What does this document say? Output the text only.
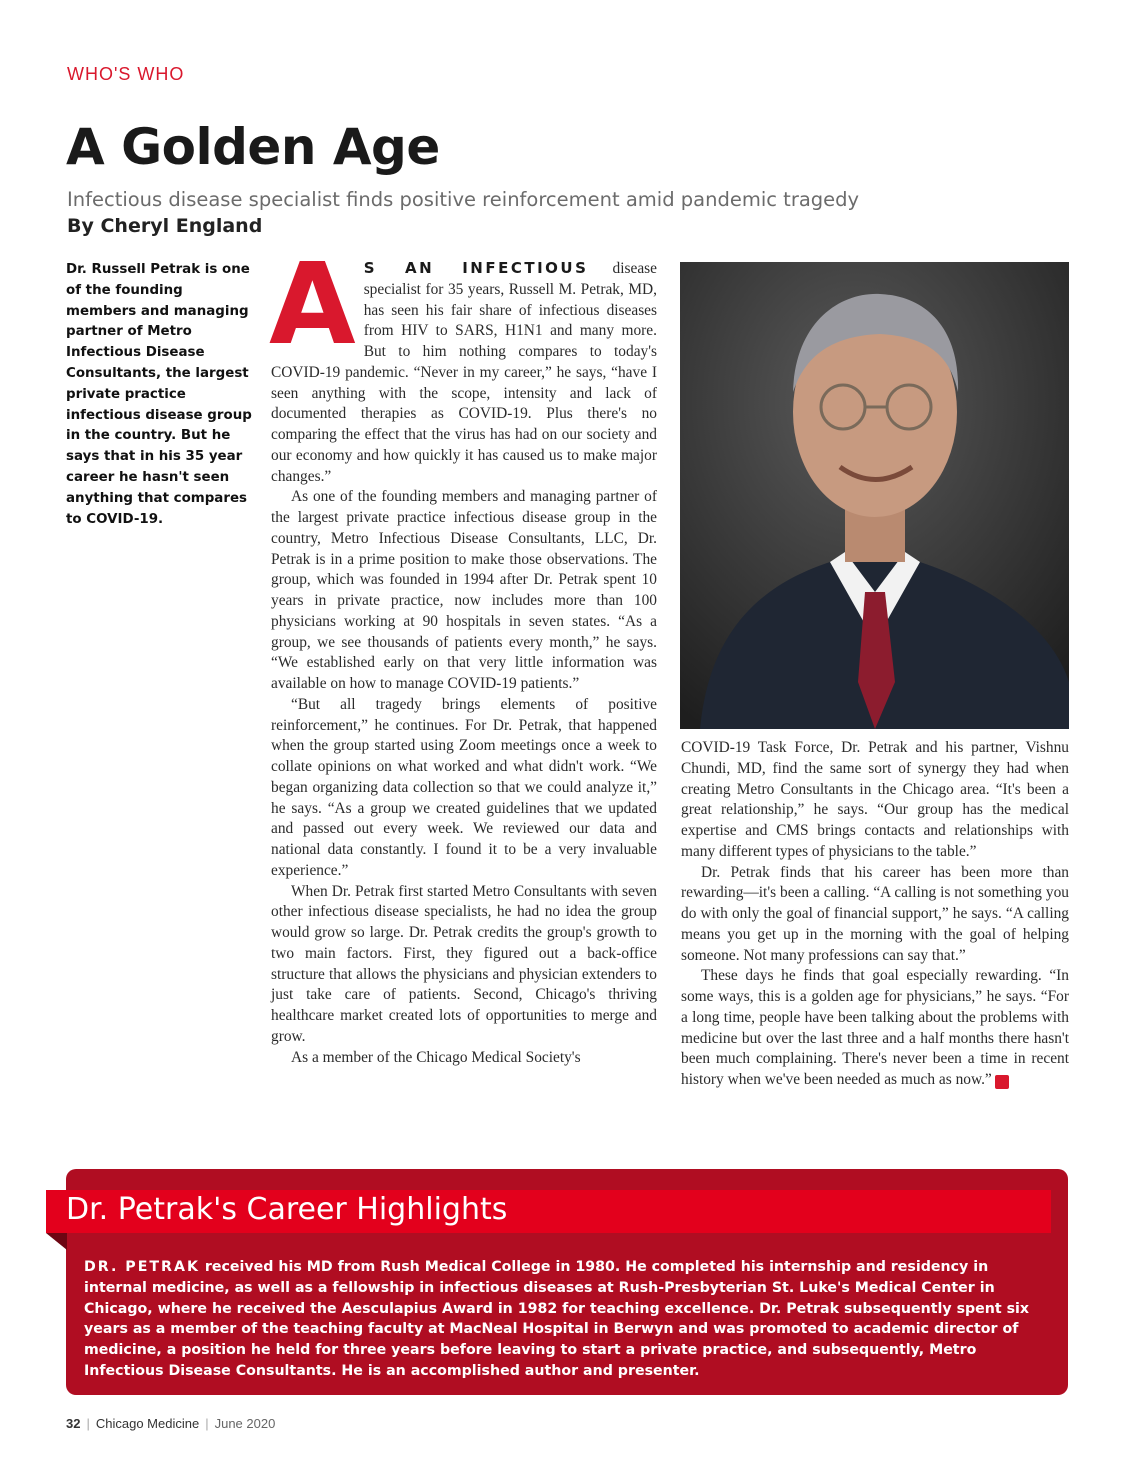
WHO'S WHO
A Golden Age
Infectious disease specialist finds positive reinforcement amid pandemic tragedy
By Cheryl England
Dr. Russell Petrak is one of the founding members and managing partner of Metro Infectious Disease Consultants, the largest private practice infectious disease group in the country. But he says that in his 35 year career he hasn't seen anything that compares to COVID-19.

A S AN INFECTIOUS disease specialist for 35 years, Russell M. Petrak, MD, has seen his fair share of infectious diseases from HIV to SARS, H1N1 and many more. But to him nothing compares to today's COVID-19 pandemic. “Never in my career,” he says, “have I seen anything with the scope, intensity and lack of documented therapies as COVID-19. Plus there's no comparing the effect that the virus has had on our society and our economy and how quickly it has caused us to make major changes.”

As one of the founding members and managing partner of the largest private practice infectious disease group in the country, Metro Infectious Disease Consultants, LLC, Dr. Petrak is in a prime position to make those observations. The group, which was founded in 1994 after Dr. Petrak spent 10 years in private practice, now includes more than 100 physicians working at 90 hospitals in seven states. “As a group, we see thousands of patients every month,” he says. “We established early on that very little information was available on how to manage COVID-19 patients.”

“But all tragedy brings elements of positive reinforcement,” he continues. For Dr. Petrak, that happened when the group started using Zoom meetings once a week to collate opinions on what worked and what didn't work. “We began organizing data collection so that we could analyze it,” he says. “As a group we created guidelines that we updated and passed out every week. We reviewed our data and national data constantly. I found it to be a very invaluable experience.”

When Dr. Petrak first started Metro Consultants with seven other infectious disease specialists, he had no idea the group would grow so large. Dr. Petrak credits the group's growth to two main factors. First, they figured out a back-office structure that allows the physicians and physician extenders to just take care of patients. Second, Chicago's thriving healthcare market created lots of opportunities to merge and grow.

As a member of the Chicago Medical Society's

COVID-19 Task Force, Dr. Petrak and his partner, Vishnu Chundi, MD, find the same sort of synergy they had when creating Metro Consultants in the Chicago area. “It's been a great relationship,” he says. “Our group has the medical expertise and CMS brings contacts and relationships with many different types of physicians to the table.”

Dr. Petrak finds that his career has been more than rewarding—it's been a calling. “A calling is not something you do with only the goal of financial support,” he says. “A calling means you get up in the morning with the goal of helping someone. Not many professions can say that.”

These days he finds that goal especially rewarding. “In some ways, this is a golden age for physicians,” he says. “For a long time, people have been talking about the problems with medicine but over the last three and a half months there hasn't been much complaining. There's never been a time in recent history when we've been needed as much as now.” C

Dr. Petrak's Career Highlights
DR. PETRAK received his MD from Rush Medical College in 1980. He completed his internship and residency in internal medicine, as well as a fellowship in infectious diseases at Rush-Presbyterian St. Luke's Medical Center in Chicago, where he received the Aesculapius Award in 1982 for teaching excellence. Dr. Petrak subsequently spent six years as a member of the teaching faculty at MacNeal Hospital in Berwyn and was promoted to academic director of medicine, a position he held for three years before leaving to start a private practice, and subsequently, Metro Infectious Disease Consultants. He is an accomplished author and presenter.
32 | Chicago Medicine | June 2020
